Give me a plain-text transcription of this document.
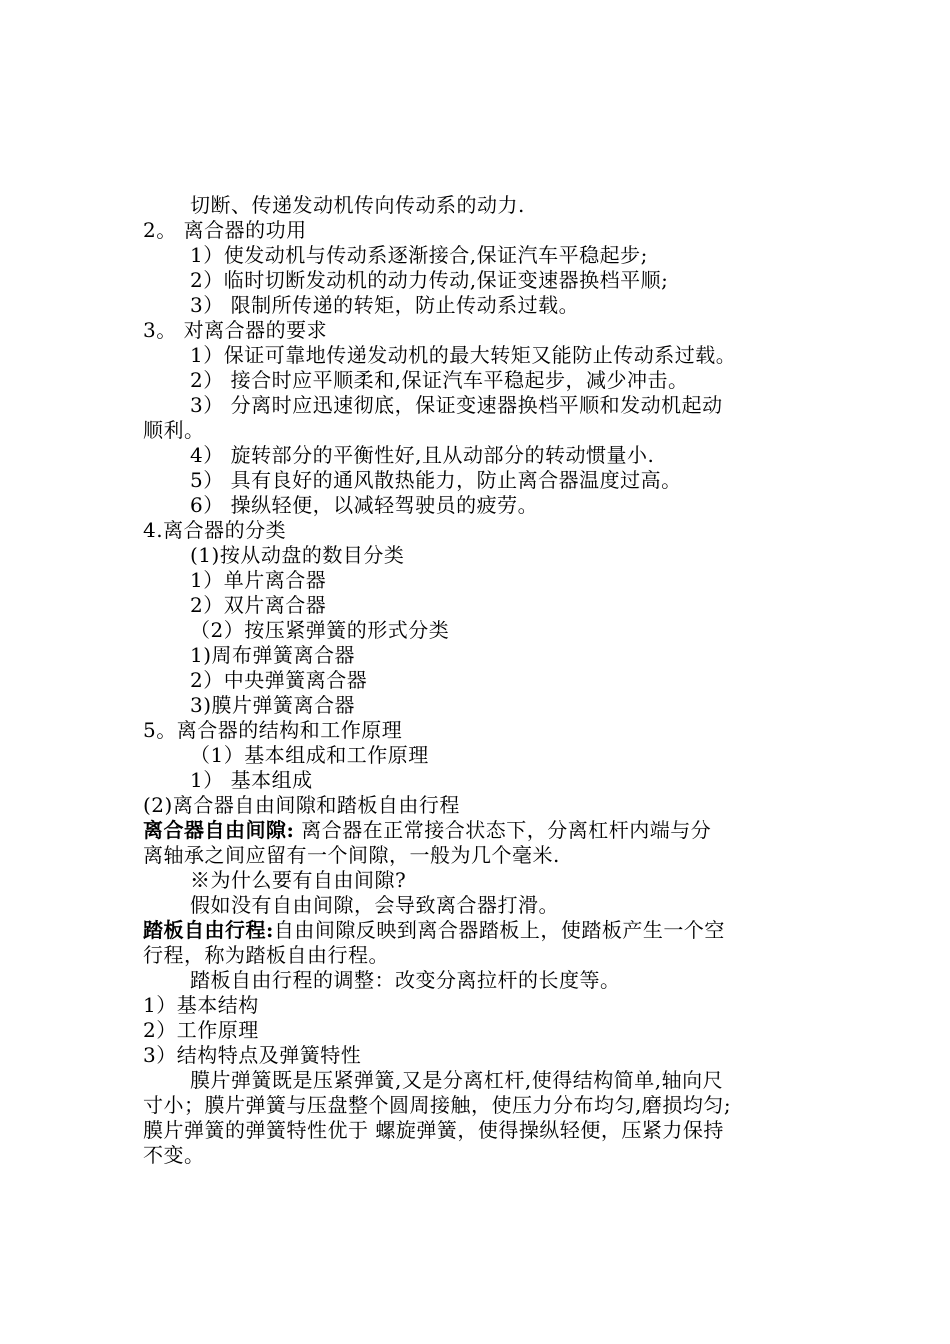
切断、传递发动机传向传动系的动力.
2。 离合器的功用
1）使发动机与传动系逐渐接合,保证汽车平稳起步;
2）临时切断发动机的动力传动,保证变速器换档平顺;
3） 限制所传递的转矩，防止传动系过载。
3。 对离合器的要求
1）保证可靠地传递发动机的最大转矩又能防止传动系过载。
2） 接合时应平顺柔和,保证汽车平稳起步，减少冲击。
3） 分离时应迅速彻底，保证变速器换档平顺和发动机起动
顺利。
4） 旋转部分的平衡性好,且从动部分的转动惯量小.
5） 具有良好的通风散热能力，防止离合器温度过高。
6） 操纵轻便，以减轻驾驶员的疲劳。
4.离合器的分类
(1)按从动盘的数目分类
1）单片离合器
2）双片离合器
（2）按压紧弹簧的形式分类
1)周布弹簧离合器
2）中央弹簧离合器
3)膜片弹簧离合器
5。离合器的结构和工作原理
（1）基本组成和工作原理
1） 基本组成
(2)离合器自由间隙和踏板自由行程
离合器自由间隙: 离合器在正常接合状态下，分离杠杆内端与分
离轴承之间应留有一个间隙，一般为几个毫米.
※为什么要有自由间隙?
假如没有自由间隙，会导致离合器打滑。
踏板自由行程:自由间隙反映到离合器踏板上，使踏板产生一个空
行程，称为踏板自由行程。
踏板自由行程的调整：改变分离拉杆的长度等。
1）基本结构
2）工作原理
3）结构特点及弹簧特性
膜片弹簧既是压紧弹簧,又是分离杠杆,使得结构简单,轴向尺
寸小；膜片弹簧与压盘整个圆周接触，使压力分布均匀,磨损均匀;
膜片弹簧的弹簧特性优于 螺旋弹簧，使得操纵轻便，压紧力保持
不变。
